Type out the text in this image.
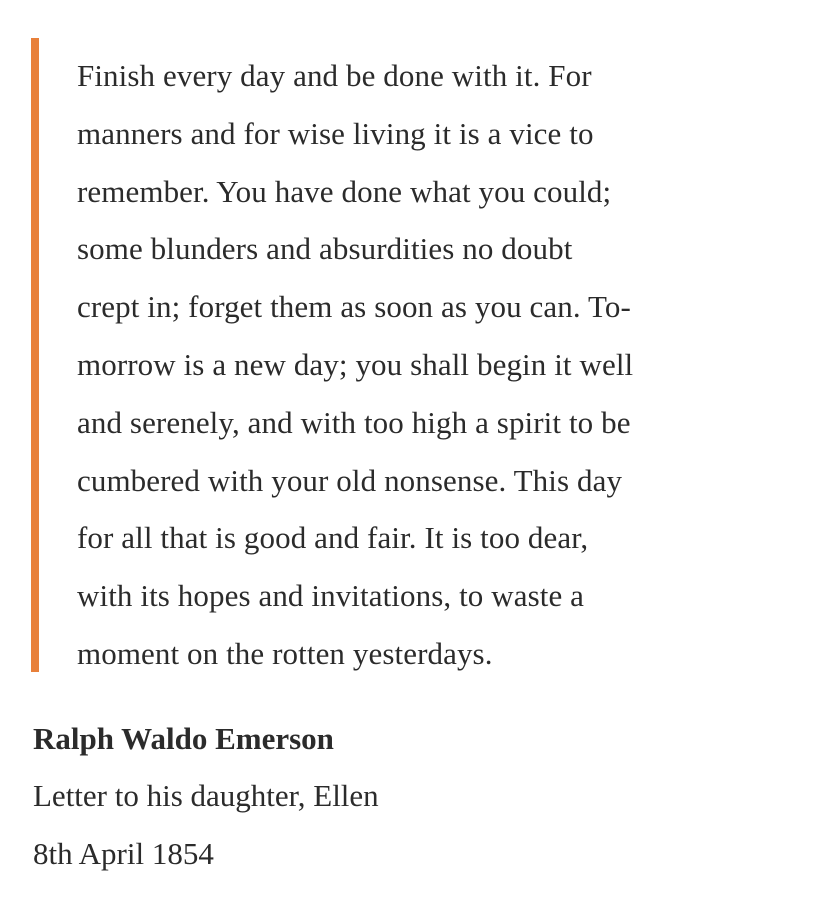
Finish every day and be done with it. For
manners and for wise living it is a vice to
remember. You have done what you could;
some blunders and absurdities no doubt
crept in; forget them as soon as you can. To-
morrow is a new day; you shall begin it well
and serenely, and with too high a spirit to be
cumbered with your old nonsense. This day
for all that is good and fair. It is too dear,
with its hopes and invitations, to waste a
moment on the rotten yesterdays.

Ralph Waldo Emerson
Letter to his daughter, Ellen
8th April 1854
